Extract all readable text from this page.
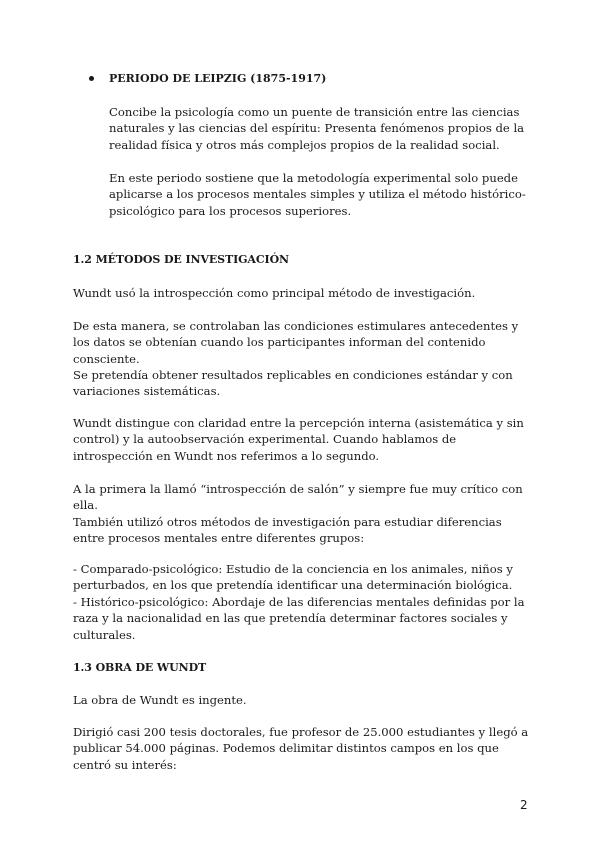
PERIODO DE LEIPZIG (1875-1917)

Concibe la psicología como un puente de transición entre las ciencias naturales y las ciencias del espíritu: Presenta fenómenos propios de la realidad física y otros más complejos propios de la realidad social.

En este periodo sostiene que la metodología experimental solo puede aplicarse a los procesos mentales simples y utiliza el método histórico-psicológico para los procesos superiores.

1.2 MÉTODOS DE INVESTIGACIÓN

Wundt usó la introspección como principal método de investigación.

De esta manera, se controlaban las condiciones estimulares antecedentes y los datos se obtenían cuando los participantes informan del contenido consciente.

Se pretendía obtener resultados replicables en condiciones estándar y con variaciones sistemáticas.

Wundt distingue con claridad entre la percepción interna (asistemática y sin control) y la autoobservación experimental. Cuando hablamos de introspección en Wundt nos referimos a lo segundo.

A la primera la llamó “introspección de salón” y siempre fue muy crítico con ella.

También utilizó otros métodos de investigación para estudiar diferencias entre procesos mentales entre diferentes grupos:

- Comparado-psicológico: Estudio de la conciencia en los animales, niños y perturbados, en los que pretendía identificar una determinación biológica.

- Histórico-psicológico: Abordaje de las diferencias mentales definidas por la raza y la nacionalidad en las que pretendía determinar factores sociales y culturales.

1.3 OBRA DE WUNDT

La obra de Wundt es ingente.

Dirigió casi 200 tesis doctorales, fue profesor de 25.000 estudiantes y llegó a publicar 54.000 páginas. Podemos delimitar distintos campos en los que centró su interés:

2
